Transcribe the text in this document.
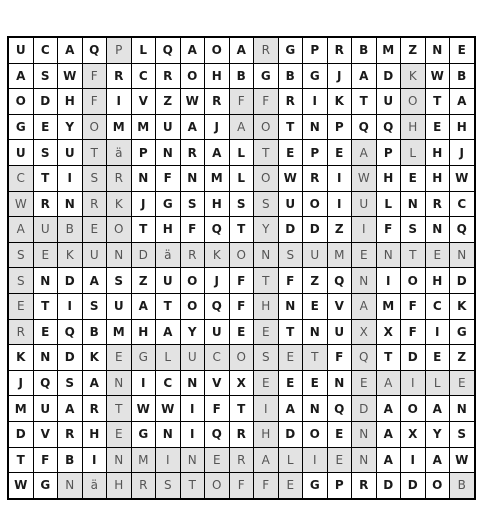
U	C	A	Q	P	L	Q	A	O	A	R	G	P	R	B	M	Z	N	E
A	S	W	F	R	C	R	O	H	B	G	B	G	J	A	D	K	W	B
O	D	H	F	I	V	Z	W	R	F	F	R	I	K	T	U	O	T	A
G	E	Y	O	M	M	U	A	J	A	O	T	N	P	Q	Q	H	E	H
U	S	U	T	ä	P	N	R	A	L	T	E	P	E	A	P	L	H	J
C	T	I	S	R	N	F	N	M	L	O	W	R	I	W	H	E	H	W
W	R	N	R	K	J	G	S	H	S	S	U	O	I	U	L	N	R	C
A	U	B	E	O	T	H	F	Q	T	Y	D	D	Z	I	F	S	N	Q
S	E	K	U	N	D	ä	R	K	O	N	S	U	M	E	N	T	E	N
S	N	D	A	S	Z	U	O	J	F	T	F	Z	Q	N	I	O	H	D
E	T	I	S	U	A	T	O	Q	F	H	N	E	V	A	M	F	C	K
R	E	Q	B	M	H	A	Y	U	E	E	T	N	U	X	X	F	I	G
K	N	D	K	E	G	L	U	C	O	S	E	T	F	Q	T	D	E	Z
J	Q	S	A	N	I	C	N	V	X	E	E	E	N	E	A	I	L	E
M	U	A	R	T	W	W	I	F	T	I	A	N	Q	D	A	O	A	N
D	V	R	H	E	G	N	I	Q	R	H	D	O	E	N	A	X	Y	S
T	F	B	I	N	M	I	N	E	R	A	L	I	E	N	A	I	A	W
W	G	N	ä	H	R	S	T	O	F	F	E	G	P	R	D	D	O	B
